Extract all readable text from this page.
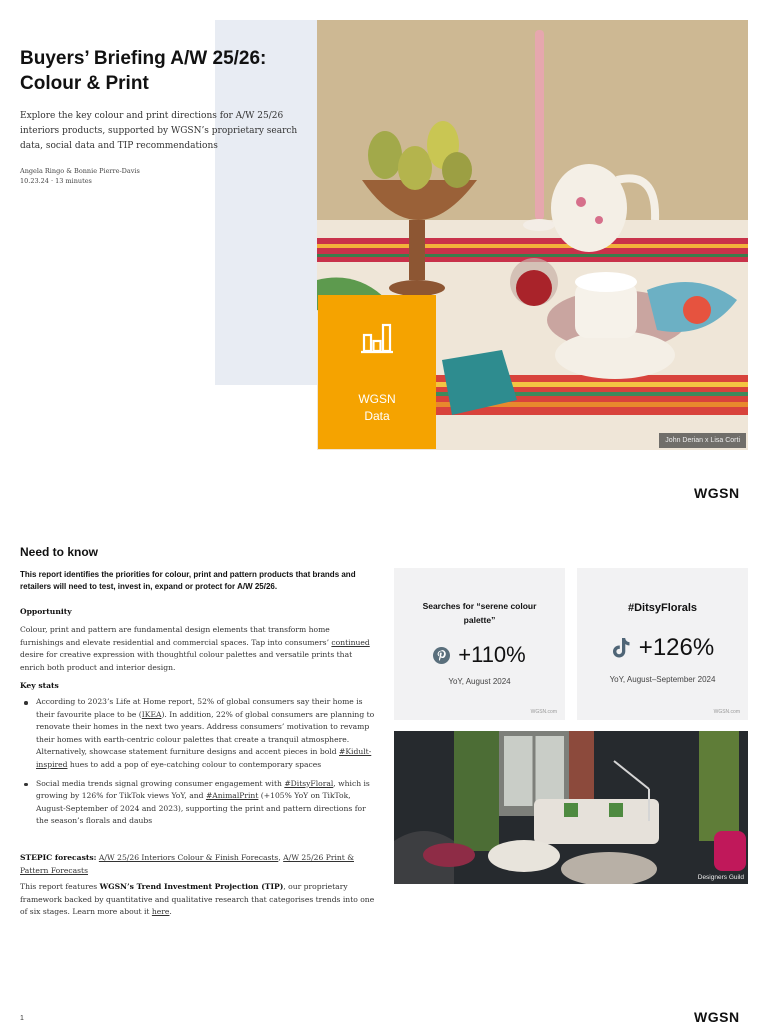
John Derian x Lisa Corti
Buyers’ Briefing A/W 25/26:
Colour & Print

Explore the key colour and print directions for A/W 25/26 interiors products, supported by WGSN’s proprietary search data, social data and TIP recommendations

Angela Ringo & Bonnie Pierre-Davis
10.23.24 · 13 minutes
WGSN
Data
WGSN
Need to know

This report identifies the priorities for colour, print and pattern products that brands and retailers will need to test, invest in, expand or protect for A/W 25/26.

Opportunity

Colour, print and pattern are fundamental design elements that transform home furnishings and elevate residential and commercial spaces. Tap into consumers’ continued desire for creative expression with thoughtful colour palettes and versatile prints that enrich both product and interior design.

Key stats
According to 2023’s Life at Home report, 52% of global consumers say their home is their favourite place to be (IKEA). In addition, 22% of global consumers are planning to renovate their homes in the next two years. Address consumers’ motivation to revamp their homes with earth-centric colour palettes that create a tranquil atmosphere. Alternatively, showcase statement furniture designs and accent pieces in bold #Kidult-inspired hues to add a pop of eye-catching colour to contemporary spaces
Social media trends signal growing consumer engagement with #DitsyFloral, which is growing by 126% for TikTok views YoY, and #AnimalPrint (+105% YoY on TikTok, August-September of 2024 and 2023), supporting the print and pattern directions for the season’s florals and daubs

STEPIC forecasts: A/W 25/26 Interiors Colour & Finish Forecasts, A/W 25/26 Print & Pattern Forecasts

This report features WGSN’s Trend Investment Projection (TIP), our proprietary framework backed by quantitative and qualitative research that categorises trends into one of six stages. Learn more about it here.

Searches for “serene colour palette”
+110%
YoY, August 2024
WGSN.com
#DitsyFlorals
+126%
YoY, August–September 2024
WGSN.com
Designers Guild
1	WGSN
